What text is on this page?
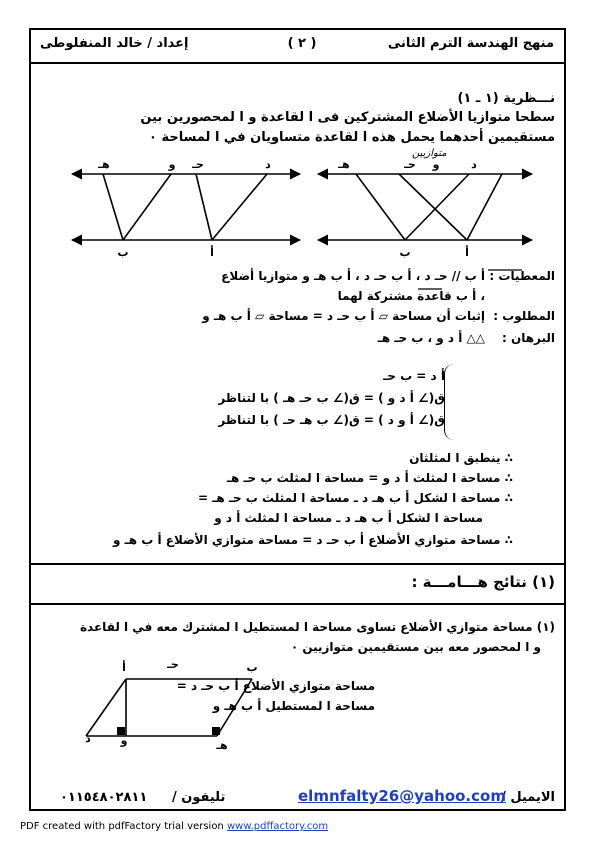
منهج الهندسة الترم الثانى
( ٢ )
إعداد / خالد المنفلوطى
نـــظرية (١ ـ ١)
سطحا متوازيا الأضلاع المشتركين فى ا لقاعدة و ا لمحصورين بين
مستقيمين أحدهما يحمل هذه ا لقاعدة متساويان في ا لمساحة ٠
متوازيين
هـ	و حـ	د
ب	أ
هـ	حـ و	د
ب	أ
أ	ب
د	و	هـ
حـ
المعطيات :
أ ب // حـ د ، أ ب حـ د ، أ ب هـ و متوازيا أضلاع
، أ ب قاعدة مشتركة لهما
المطلوب :
إثبات أن مساحة ▱ أ ب حـ د = مساحة ▱ أ ب هـ و
البرهان :
△△ أ د و ، ب حـ هـ
أ د = ب حـ
ق(∠ أ د و ) = ق(∠ ب حـ هـ ) با لتناظر
ق(∠ أ و د ) = ق(∠ ب هـ حـ ) با لتناظر
∴ ينطبق ا لمثلثان
∴ مساحة ا لمثلث أ د و = مساحة ا لمثلث ب حـ هـ
∴ مساحة ا لشكل أ ب هـ د ـ مساحة ا لمثلث ب حـ هـ =
مساحة ا لشكل أ ب هـ د ـ مساحة ا لمثلث أ د و
∴ مساحة متوازي الأضلاع أ ب حـ د = مساحة متوازي الأضلاع أ ب هـ و
(١) نتائج هـــامـــة :
(١) مساحة متوازي الأضلاع تساوى مساحة ا لمستطيل ا لمشترك معه في ا لقاعدة
و ا لمحصور معه بين مستقيمين متوازيين ٠
مساحة متوازي الأضلاع أ ب حـ د =
مساحة ا لمستطيل أ ب هـ و
الايميل /
elmnfalty26@yahoo.com
تليفون /
٠١١٥٤٨٠٢٨١١
PDF created with pdfFactory trial version www.pdffactory.com
